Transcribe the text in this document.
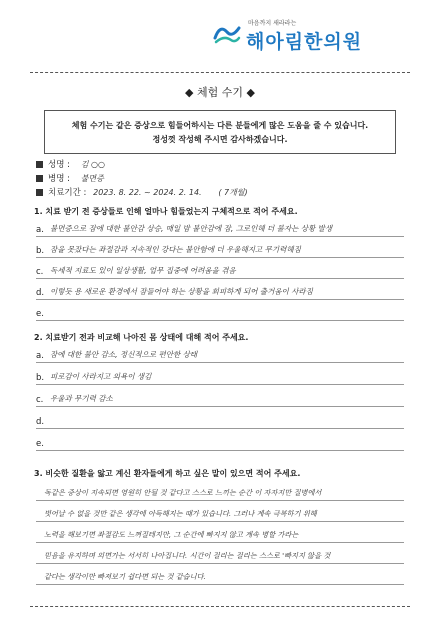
마음까지 새라라는
해아림한의원
◆ 체험 수기 ◆
체험 수기는 같은 증상으로 힘들어하시는 다른 분들에게 많은 도움을 줄 수 있습니다.
정성껏 작성해 주시면 감사하겠습니다.
성명 : 김 ○○
병명 : 불면증
치료기간 : 2023. 8. 22. ~ 2024. 2. 14. ( 7개월)
1. 치료 받기 전 증상들로 인해 얼마나 힘들었는지 구체적으로 적어 주세요.
a. 불면증으로 잠에 대한 불안감 상승, 매일 밤 불안감에 잠, 그로인해 더 불자는 상황 발생
b. 잠을 못잤다는 좌절감과 지속적인 강다는 불안함에 더 우울해지고 무기력해짐
c. 독세적 지료도 있이 일상생활, 업무 집중에 어려움을 겪음
d. 이렇듯 용 새로운 환경에서 잠들어야 하는 상황을 회피하게 되어 출거움이 사라짐
e.
2. 치료받기 전과 비교해 나아진 몸 상태에 대해 적어 주세요.
a. 잠에 대한 불안 감소, 정신적으로 편안한 상태
b. 피로감이 사라지고 의욕이 생김
c. 우울과 무기력 감소
d.
e.
3. 비슷한 질환을 앓고 계신 환자들에게 하고 싶은 말이 있으면 적어 주세요.
독같은 증상이 지속되면 영원히 안될 것 같다고 스스로 느끼는 순간 이 자자지만 질병에서
벗어날 수 없을 것만 같은 생각에 아득해지는 때가 있습니다. 그러나 계속 극복하기 위해
노력을 해보기면 좌절감도 느껴질테지만, 그 순간에 빠지지 않고 계속 병할 가라는
믿음을 유지하며 의면가는 서서히 나아집니다. 시간이 걸리는 걸리는 스스로 '빠지지 않을 것
같다는 생각이만 빠져보기 쉽다면 되는 것 같습니다.
